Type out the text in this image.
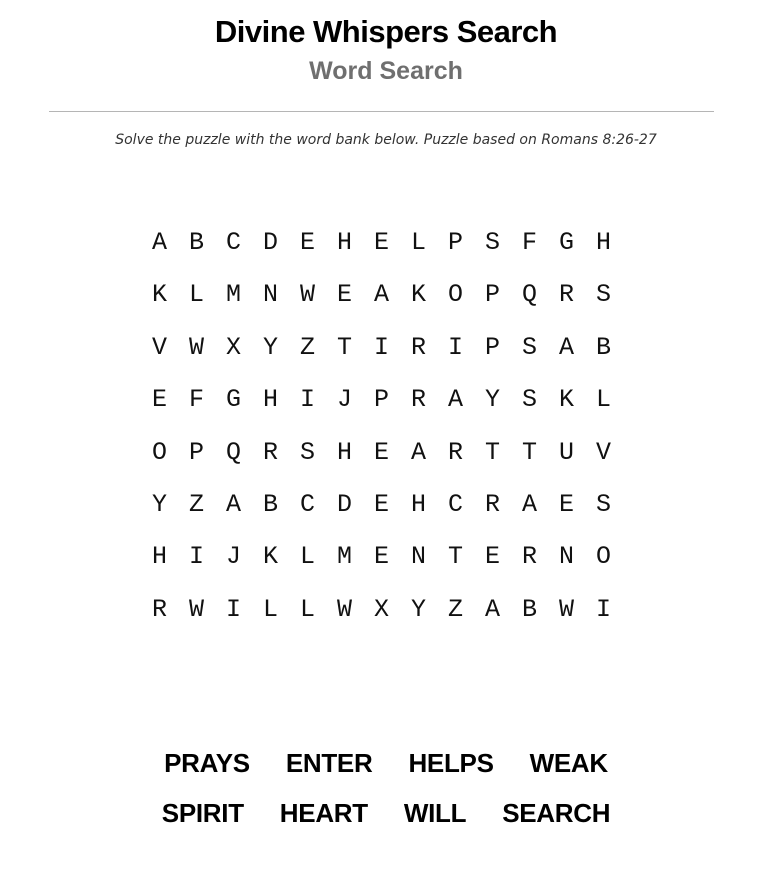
Divine Whispers Search
Word Search

Solve the puzzle with the word bank below. Puzzle based on Romans 8:26-27

A B C D E H E L P S F G H
K L M N W E A K O P Q R S
V W X Y Z T I R I P S A B
E F G H I J P R A Y S K L
O P Q R S H E A R T T U V
Y Z A B C D E H C R A E S
H I J K L M E N T E R N O
R W I L L W X Y Z A B W I
PRAYS ENTER HELPS WEAK
SPIRIT HEART WILL SEARCH
